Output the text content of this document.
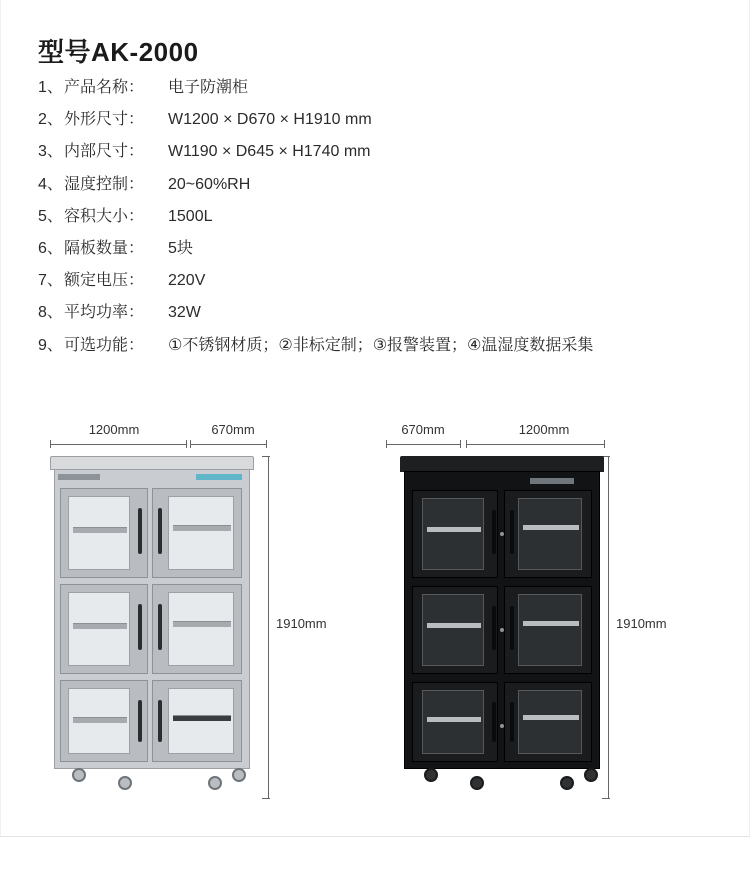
型号AK-2000
1、 产品名称：	电子防潮柜
2、 外形尺寸：	W1200 × D670 × H1910 mm
3、 内部尺寸：	W1190 × D645 × H1740 mm
4、 湿度控制：	20~60%RH
5、 容积大小：	1500L
6、 隔板数量：	5块
7、 额定电压：	220V
8、 平均功率：	32W
9、 可选功能：	①不锈钢材质；②非标定制；③报警装置；④温湿度数据采集
1200mm	670mm
1910mm
670mm	1200mm
1910mm
